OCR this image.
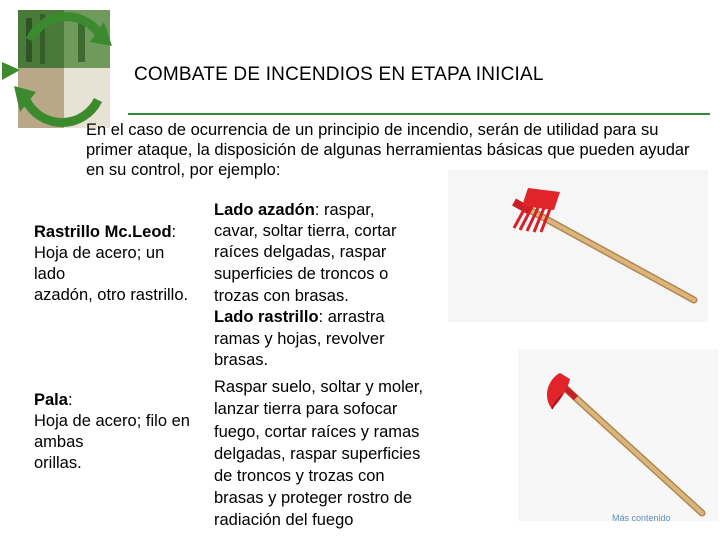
COMBATE DE INCENDIOS EN ETAPA INICIAL
En el caso de ocurrencia de un principio de incendio, serán de utilidad para su primer ataque, la disposición de algunas herramientas básicas que pueden ayudar en su control, por ejemplo:
Rastrillo Mc.Leod:
Hoja de acero; un
lado
azadón, otro rastrillo.
Lado azadón: raspar,
cavar, soltar tierra, cortar
raíces delgadas, raspar
superficies de troncos o
trozas con brasas.
Lado rastrillo: arrastra
ramas y hojas, revolver
brasas.
Pala:
Hoja de acero; filo en
ambas
orillas.
Raspar suelo, soltar y moler,
lanzar tierra para sofocar
fuego, cortar raíces y ramas
delgadas, raspar superficies
de troncos y trozas con
brasas y proteger rostro de
radiación del fuego	Más contenido
